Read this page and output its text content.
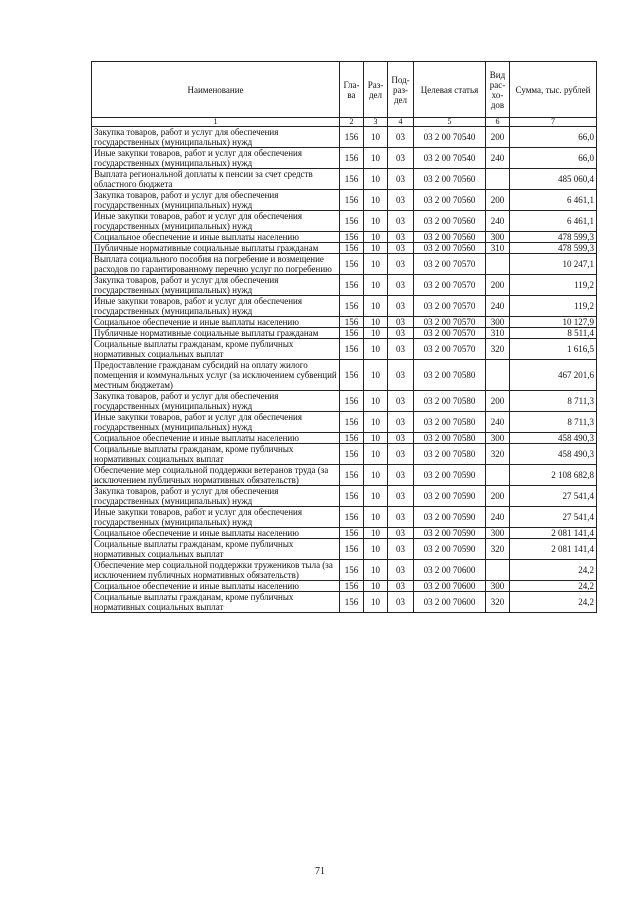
Наименование	Гла-ва	Раз-дел	Под-раз-дел	Целевая статья	Вид рас-хо-дов	Сумма, тыс. рублей
1	2	3	4	5	6	7
Закупка товаров, работ и услуг для обеспечения государственных (муниципальных) нужд	156	10	03	03 2 00 70540	200	66,0
Иные закупки товаров, работ и услуг для обеспечения государственных (муниципальных) нужд	156	10	03	03 2 00 70540	240	66,0
Выплата региональной доплаты к пенсии за счет средств областного бюджета	156	10	03	03 2 00 70560		485 060,4
Закупка товаров, работ и услуг для обеспечения государственных (муниципальных) нужд	156	10	03	03 2 00 70560	200	6 461,1
Иные закупки товаров, работ и услуг для обеспечения государственных (муниципальных) нужд	156	10	03	03 2 00 70560	240	6 461,1
Социальное обеспечение и иные выплаты населению	156	10	03	03 2 00 70560	300	478 599,3
Публичные нормативные социальные выплаты гражданам	156	10	03	03 2 00 70560	310	478 599,3
Выплата социального пособия на погребение и возмещение расходов по гарантированному перечню услуг по погребению	156	10	03	03 2 00 70570		10 247,1
Закупка товаров, работ и услуг для обеспечения государственных (муниципальных) нужд	156	10	03	03 2 00 70570	200	119,2
Иные закупки товаров, работ и услуг для обеспечения государственных (муниципальных) нужд	156	10	03	03 2 00 70570	240	119,2
Социальное обеспечение и иные выплаты населению	156	10	03	03 2 00 70570	300	10 127,9
Публичные нормативные социальные выплаты гражданам	156	10	03	03 2 00 70570	310	8 511,4
Социальные выплаты гражданам, кроме публичных нормативных социальных выплат	156	10	03	03 2 00 70570	320	1 616,5
Предоставление гражданам субсидий на оплату жилого помещения и коммунальных услуг (за исключением субвенций местным бюджетам)	156	10	03	03 2 00 70580		467 201,6
Закупка товаров, работ и услуг для обеспечения государственных (муниципальных) нужд	156	10	03	03 2 00 70580	200	8 711,3
Иные закупки товаров, работ и услуг для обеспечения государственных (муниципальных) нужд	156	10	03	03 2 00 70580	240	8 711,3
Социальное обеспечение и иные выплаты населению	156	10	03	03 2 00 70580	300	458 490,3
Социальные выплаты гражданам, кроме публичных нормативных социальных выплат	156	10	03	03 2 00 70580	320	458 490,3
Обеспечение мер социальной поддержки ветеранов труда (за исключением публичных нормативных обязательств)	156	10	03	03 2 00 70590		2 108 682,8
Закупка товаров, работ и услуг для обеспечения государственных (муниципальных) нужд	156	10	03	03 2 00 70590	200	27 541,4
Иные закупки товаров, работ и услуг для обеспечения государственных (муниципальных) нужд	156	10	03	03 2 00 70590	240	27 541,4
Социальное обеспечение и иные выплаты населению	156	10	03	03 2 00 70590	300	2 081 141,4
Социальные выплаты гражданам, кроме публичных нормативных социальных выплат	156	10	03	03 2 00 70590	320	2 081 141,4
Обеспечение мер социальной поддержки тружеников тыла (за исключением публичных нормативных обязательств)	156	10	03	03 2 00 70600		24,2
Социальное обеспечение и иные выплаты населению	156	10	03	03 2 00 70600	300	24,2
Социальные выплаты гражданам, кроме публичных нормативных социальных выплат	156	10	03	03 2 00 70600	320	24,2
71
